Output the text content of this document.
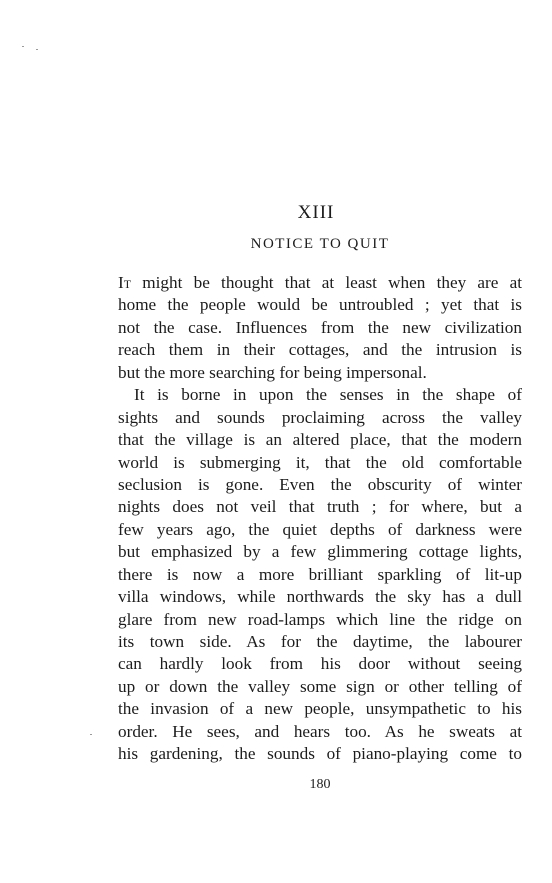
XIII
NOTICE TO QUIT
It might be thought that at least when they are at
home the people would be untroubled ; yet that is
not the case. Influences from the new civilization
reach them in their cottages, and the intrusion is
but the more searching for being impersonal.
It is borne in upon the senses in the shape of
sights and sounds proclaiming across the valley
that the village is an altered place, that the modern
world is submerging it, that the old comfortable
seclusion is gone. Even the obscurity of winter
nights does not veil that truth ; for where, but a
few years ago, the quiet depths of darkness were
but emphasized by a few glimmering cottage lights,
there is now a more brilliant sparkling of lit-up
villa windows, while northwards the sky has a dull
glare from new road-lamps which line the ridge on
its town side. As for the daytime, the labourer
can hardly look from his door without seeing
up or down the valley some sign or other telling of
the invasion of a new people, unsympathetic to his
order. He sees, and hears too. As he sweats at
his gardening, the sounds of piano-playing come to
180
